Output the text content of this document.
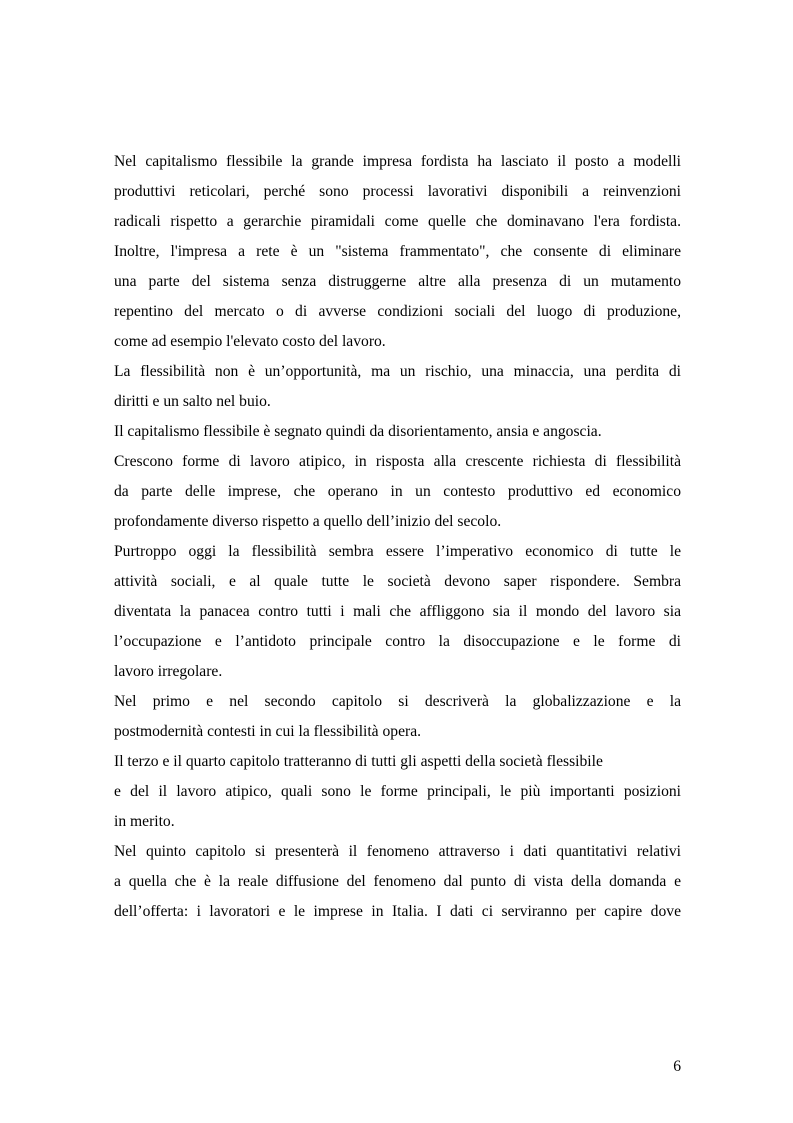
Nel capitalismo flessibile la grande impresa fordista ha lasciato il posto a modelli
produttivi reticolari, perché sono processi lavorativi disponibili a reinvenzioni
radicali rispetto a gerarchie piramidali come quelle che dominavano l'era fordista.
Inoltre, l'impresa a rete è un "sistema frammentato", che consente di eliminare
una parte del sistema senza distruggerne altre alla presenza di un mutamento
repentino del mercato o di avverse condizioni sociali del luogo di produzione,
come ad esempio l'elevato costo del lavoro.
La flessibilità non è un’opportunità, ma un rischio, una minaccia, una perdita di
diritti e un salto nel buio.
Il capitalismo flessibile è segnato quindi da disorientamento, ansia e angoscia.
Crescono forme di lavoro atipico, in risposta alla crescente richiesta di flessibilità
da parte delle imprese, che operano in un contesto produttivo ed economico
profondamente diverso rispetto a quello dell’inizio del secolo.
Purtroppo oggi la flessibilità sembra essere l’imperativo economico di tutte le
attività sociali, e al quale tutte le società devono saper rispondere. Sembra
diventata la panacea contro tutti i mali che affliggono sia il mondo del lavoro sia
l’occupazione e l’antidoto principale contro la disoccupazione e le forme di
lavoro irregolare.
Nel primo e nel secondo capitolo si descriverà la globalizzazione e la
postmodernità contesti in cui la flessibilità opera.
Il terzo e il quarto capitolo tratteranno di tutti gli aspetti della società flessibile
e del il lavoro atipico, quali sono le forme principali, le più importanti posizioni
in merito.
Nel quinto capitolo si presenterà il fenomeno attraverso i dati quantitativi relativi
a quella che è la reale diffusione del fenomeno dal punto di vista della domanda e
dell’offerta: i lavoratori e le imprese in Italia. I dati ci serviranno per capire dove
6
